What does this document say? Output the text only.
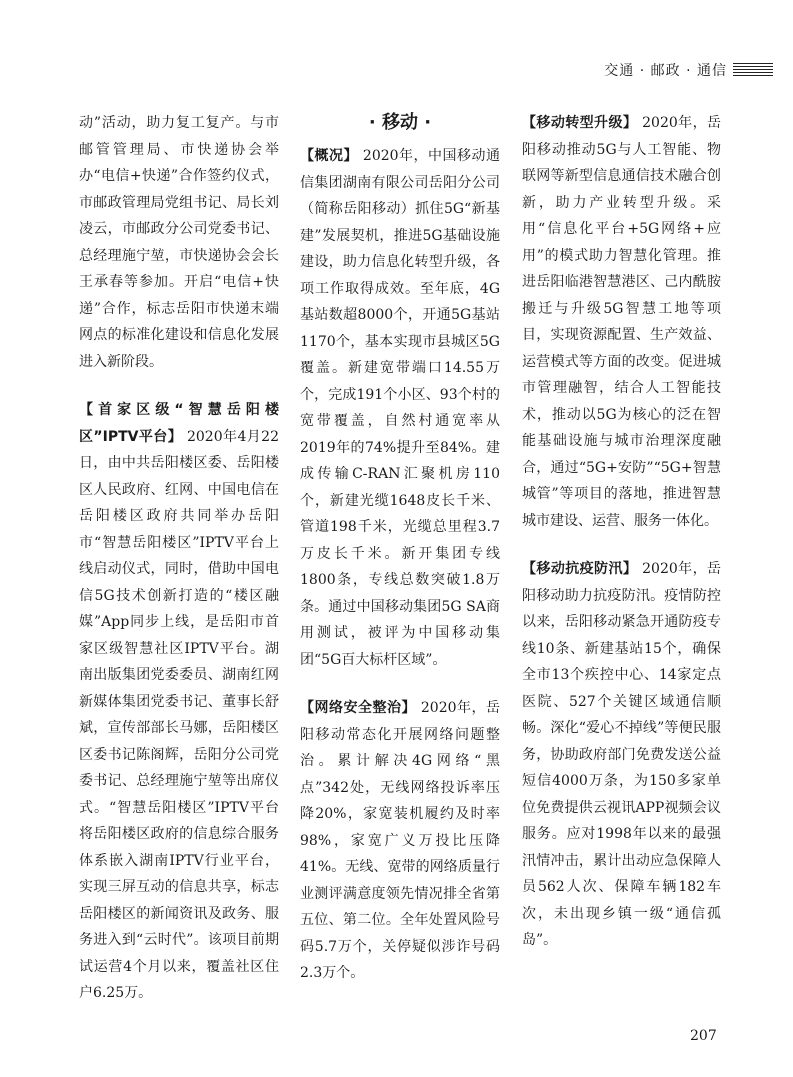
交通 · 邮政 · 通信

动”活动，助力复工复产。与市邮管管理局、市快递协会举办“电信+快递”合作签约仪式，市邮政管理局党组书记、局长刘凌云，市邮政分公司党委书记、总经理施宁堃，市快递协会会长王承春等参加。开启“电信+快递”合作，标志岳阳市快递末端网点的标准化建设和信息化发展进入新阶段。

【首家区级“智慧岳阳楼区”IPTV平台】 2020年4月22日，由中共岳阳楼区委、岳阳楼区人民政府、红网、中国电信在岳阳楼区政府共同举办岳阳市“智慧岳阳楼区”IPTV平台上线启动仪式，同时，借助中国电信5G技术创新打造的“楼区融媒”App同步上线，是岳阳市首家区级智慧社区IPTV平台。湖南出版集团党委委员、湖南红网新媒体集团党委书记、董事长舒斌，宣传部部长马娜，岳阳楼区区委书记陈阁辉，岳阳分公司党委书记、总经理施宁堃等出席仪式。“智慧岳阳楼区”IPTV平台将岳阳楼区政府的信息综合服务体系嵌入湖南IPTV行业平台，实现三屏互动的信息共享，标志岳阳楼区的新闻资讯及政务、服务进入到“云时代”。该项目前期试运营4个月以来，覆盖社区住户6.25万。

· 移动 ·

【概况】 2020年，中国移动通信集团湖南有限公司岳阳分公司（简称岳阳移动）抓住5G“新基建”发展契机，推进5G基础设施建设，助力信息化转型升级，各项工作取得成效。至年底，4G基站数超8000个，开通5G基站1170个，基本实现市县城区5G覆盖。新建宽带端口14.55万个，完成191个小区、93个村的宽带覆盖，自然村通宽率从2019年的74%提升至84%。建成传输C-RAN汇聚机房110个，新建光缆1648皮长千米、管道198千米，光缆总里程3.7万皮长千米。新开集团专线1800条，专线总数突破1.8万条。通过中国移动集团5G SA商用测试，被评为中国移动集团“5G百大标杆区域”。

【网络安全整治】 2020年，岳阳移动常态化开展网络问题整治。累计解决4G网络“黑点”342处，无线网络投诉率压降20%，家宽装机履约及时率98%，家宽广义万投比压降41%。无线、宽带的网络质量行业测评满意度领先情况排全省第五位、第二位。全年处置风险号码5.7万个，关停疑似涉诈号码2.3万个。

【移动转型升级】 2020年，岳阳移动推动5G与人工智能、物联网等新型信息通信技术融合创新，助力产业转型升级。采用“信息化平台+5G网络+应用”的模式助力智慧化管理。推进岳阳临港智慧港区、己内酰胺搬迁与升级5G智慧工地等项目，实现资源配置、生产效益、运营模式等方面的改变。促进城市管理融智，结合人工智能技术，推动以5G为核心的泛在智能基础设施与城市治理深度融合，通过“5G+安防”“5G+智慧城管”等项目的落地，推进智慧城市建设、运营、服务一体化。

【移动抗疫防汛】 2020年，岳阳移动助力抗疫防汛。疫情防控以来，岳阳移动紧急开通防疫专线10条、新建基站15个，确保全市13个疾控中心、14家定点医院、527个关键区域通信顺畅。深化“爱心不掉线”等便民服务，协助政府部门免费发送公益短信4000万条，为150多家单位免费提供云视讯APP视频会议服务。应对1998年以来的最强汛情冲击，累计出动应急保障人员562人次、保障车辆182车次，未出现乡镇一级“通信孤岛”。

207
